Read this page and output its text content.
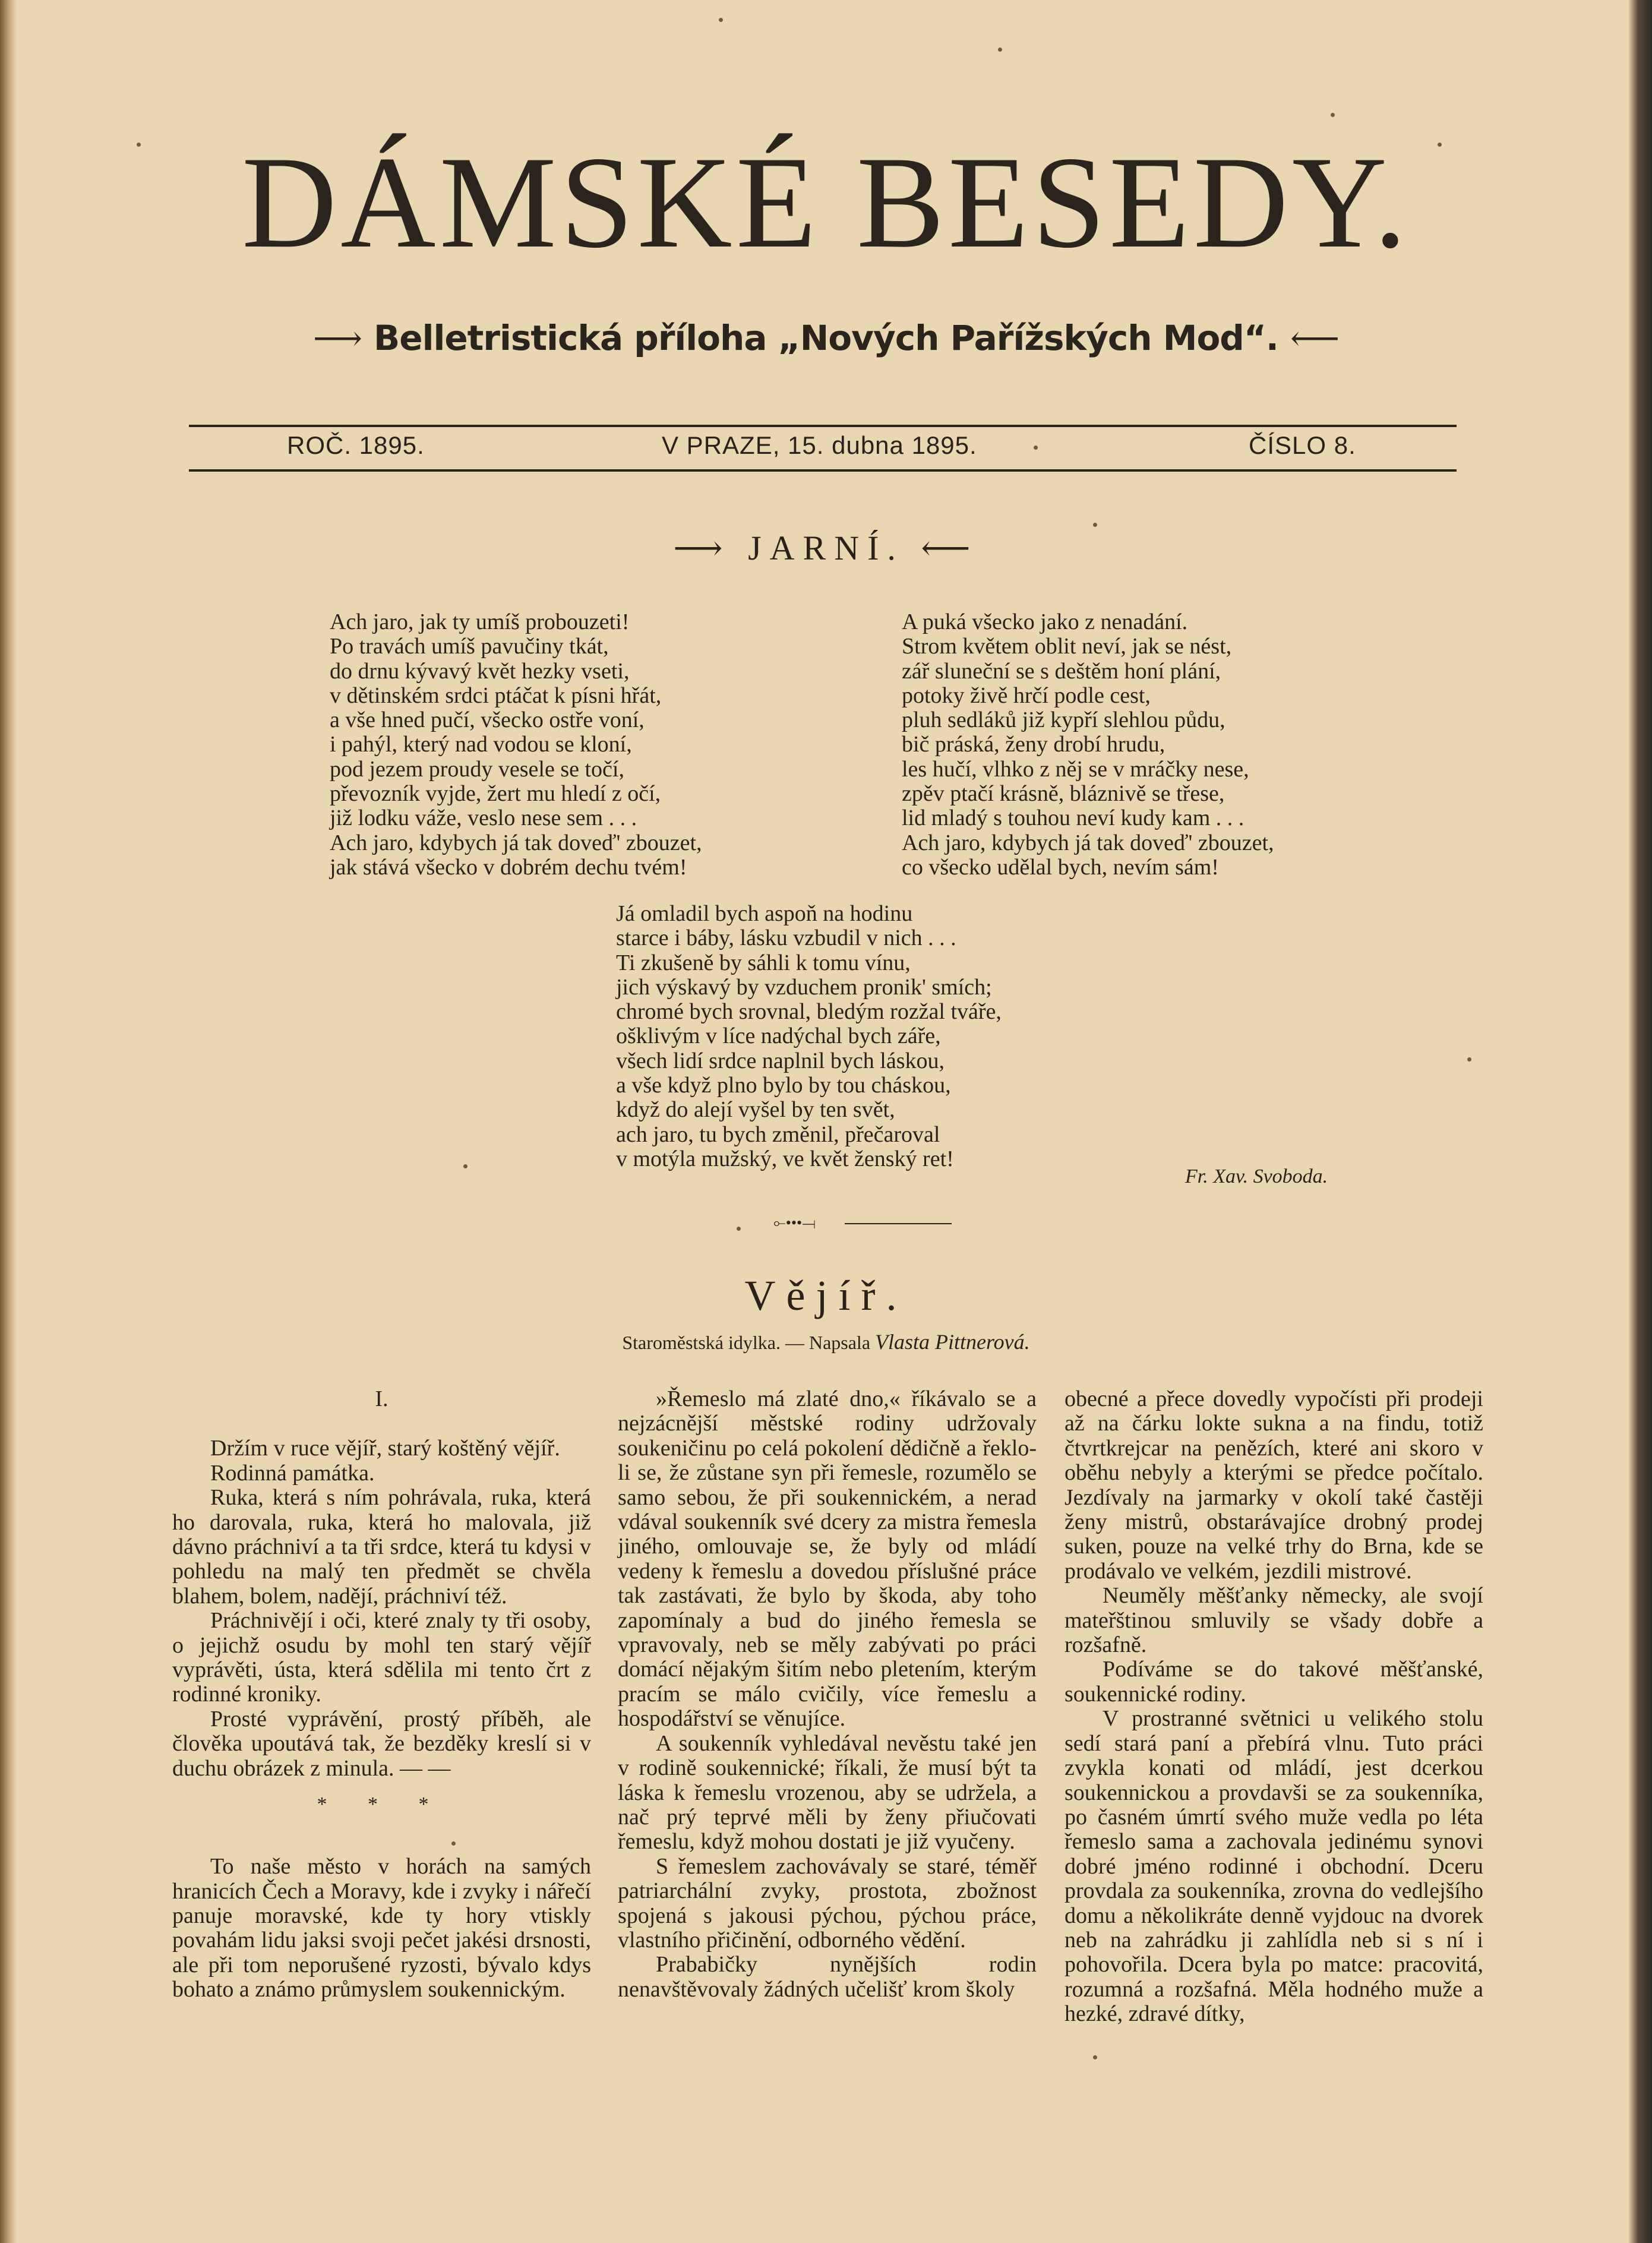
DÁMSKÉ BESEDY.
⟶ Belletristická příloha „Nových Pařížských Mod“. ⟵
ROČ. 1895.	V PRAZE, 15. dubna 1895.	ČÍSLO 8.
⟶ JARNÍ. ⟵
Ach jaro, jak ty umíš probouzeti!
Po travách umíš pavučiny tkát,
do drnu kývavý květ hezky vseti,
v dětinském srdci ptáčat k písni hřát,
a vše hned pučí, všecko ostře voní,
i pahýl, který nad vodou se kloní,
pod jezem proudy vesele se točí,
převozník vyjde, žert mu hledí z očí,
již lodku váže, veslo nese sem . . .
Ach jaro, kdybych já tak doveď' zbouzet,
jak stává všecko v dobrém dechu tvém!
A puká všecko jako z nenadání.
Strom květem oblit neví, jak se nést,
zář sluneční se s deštěm honí plání,
potoky živě hrčí podle cest,
pluh sedláků již kypří slehlou půdu,
bič práská, ženy drobí hrudu,
les hučí, vlhko z něj se v mráčky nese,
zpěv ptačí krásně, bláznivě se třese,
lid mladý s touhou neví kudy kam . . .
Ach jaro, kdybych já tak doveď' zbouzet,
co všecko udělal bych, nevím sám!
Já omladil bych aspoň na hodinu
starce i báby, lásku vzbudil v nich . . .
Ti zkušeně by sáhli k tomu vínu,
jich výskavý by vzduchem pronik' smích;
chromé bych srovnal, bledým rozžal tváře,
ošklivým v líce nadýchal bych záře,
všech lidí srdce naplnil bych láskou,
a vše když plno bylo by tou cháskou,
když do alejí vyšel by ten svět,
ach jaro, tu bych změnil, přečaroval
v motýla mužský, ve květ ženský ret!
Fr. Xav. Svoboda.
⟜•••⟞
Vějíř.
Staroměstská idylka. — Napsala Vlasta Pittnerová.

I.

Držím v ruce vějíř, starý koštěný vějíř.

Rodinná památka.

Ruka, která s ním pohrávala, ruka, která ho darovala, ruka, která ho malovala, již dávno práchniví a ta tři srdce, která tu kdysi v pohledu na malý ten předmět se chvěla blahem, bolem, nadějí, práchniví též.

Práchnivějí i oči, které znaly ty tři osoby, o jejichž osudu by mohl ten starý vějíř vyprávěti, ústa, která sdělila mi tento črt z rodinné kroniky.

Prosté vyprávění, prostý příběh, ale člověka upoutává tak, že bezděky kreslí si v duchu obrázek z minula. — —

* * *

To naše město v horách na samých hranicích Čech a Moravy, kde i zvyky i nářečí panuje moravské, kde ty hory vtiskly povahám lidu jaksi svoji pečet jakési drsnosti, ale při tom neporušené ryzosti, bývalo kdys bohato a známo průmyslem soukennickým.

»Řemeslo má zlaté dno,« říkávalo se a nejzácnější městské rodiny udržovaly soukeničinu po celá pokolení dědičně a řeklo-li se, že zůstane syn při řemesle, rozumělo se samo sebou, že při soukennickém, a nerad vdával soukenník své dcery za mistra řemesla jiného, omlouvaje se, že byly od mládí vedeny k řemeslu a dovedou příslušné práce tak zastávati, že bylo by škoda, aby toho zapomínaly a bud do jiného řemesla se vpravovaly, neb se měly zabývati po práci domácí nějakým šitím nebo pletením, kterým pracím se málo cvičily, více řemeslu a hospodářství se věnujíce.

A soukenník vyhledával nevěstu také jen v rodině soukennické; říkali, že musí být ta láska k řemeslu vrozenou, aby se udržela, a nač prý teprvé měli by ženy přiučovati řemeslu, když mohou dostati je již vyučeny.

S řemeslem zachovávaly se staré, téměř patriarchální zvyky, prostota, zbožnost spojená s jakousi pýchou, pýchou práce, vlastního přičinění, odborného vědění.

Prababičky nynějších rodin nenavštěvovaly žádných učelišť krom školy

obecné a přece dovedly vypočísti při prodeji až na čárku lokte sukna a na findu, totiž čtvrtkrejcar na penězích, které ani skoro v oběhu nebyly a kterými se předce počítalo. Jezdívaly na jarmarky v okolí také častěji ženy mistrů, obstarávajíce drobný prodej suken, pouze na velké trhy do Brna, kde se prodávalo ve velkém, jezdili mistrové.

Neuměly měšťanky německy, ale svojí mateřštinou smluvily se všady dobře a rozšafně.

Podíváme se do takové měšťanské, soukennické rodiny.

V prostranné světnici u velikého stolu sedí stará paní a přebírá vlnu. Tuto práci zvykla konati od mládí, jest dcerkou soukennickou a provdavši se za soukenníka, po časném úmrtí svého muže vedla po léta řemeslo sama a zachovala jedinému synovi dobré jméno rodinné i obchodní. Dceru provdala za soukenníka, zrovna do vedlejšího domu a několikráte denně vyjdouc na dvorek neb na zahrádku ji zahlídla neb si s ní i pohovořila. Dcera byla po matce: pracovitá, rozumná a rozšafná. Měla hodného muže a hezké, zdravé dítky,
